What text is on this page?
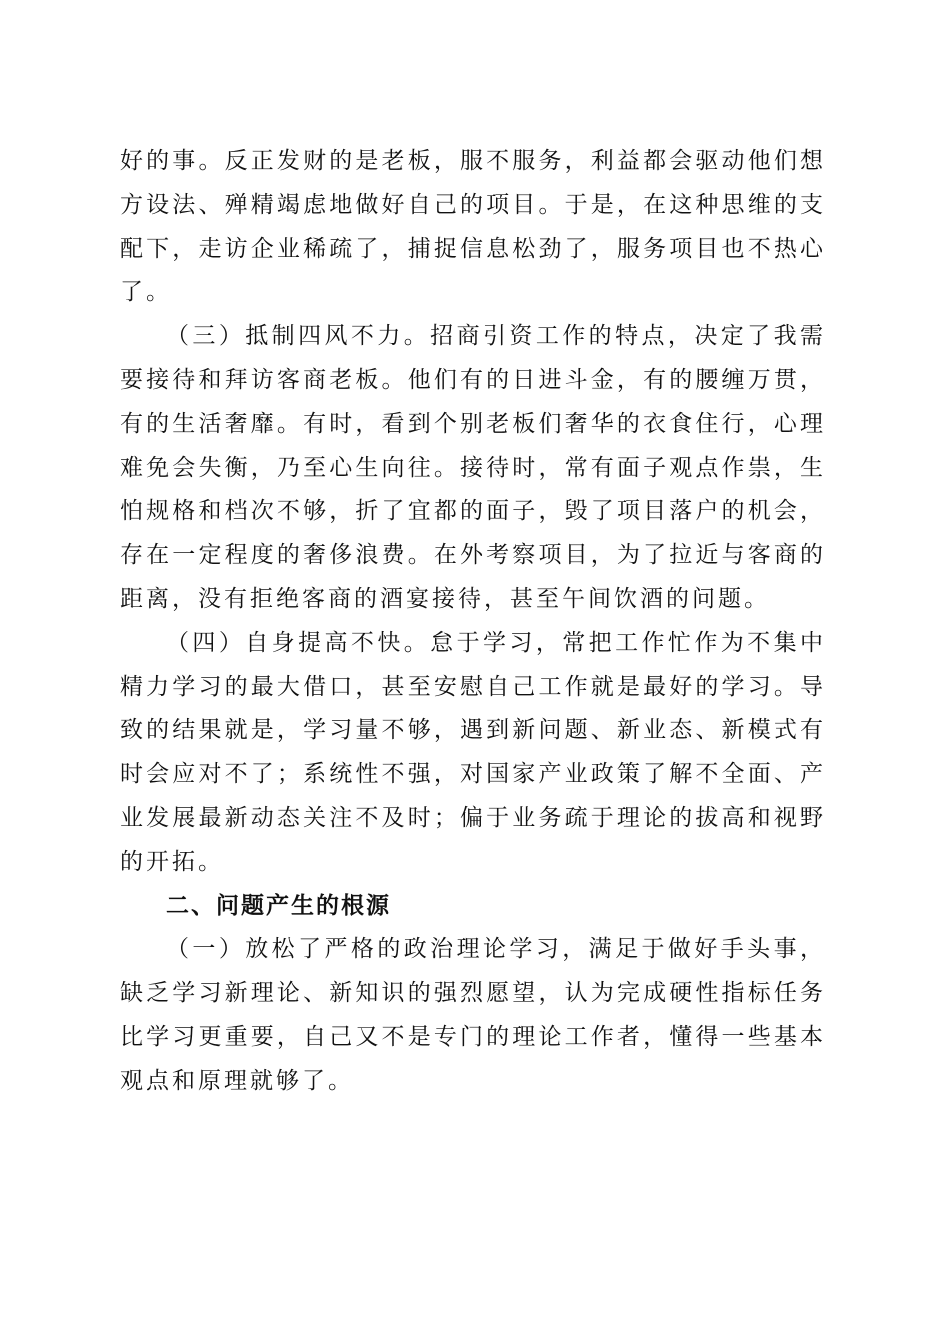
好的事。反正发财的是老板，服不服务，利益都会驱动他们想方设法、殚精竭虑地做好自己的项目。于是，在这种思维的支配下，走访企业稀疏了，捕捉信息松劲了，服务项目也不热心了。

（三）抵制四风不力。招商引资工作的特点，决定了我需要接待和拜访客商老板。他们有的日进斗金，有的腰缠万贯，有的生活奢靡。有时，看到个别老板们奢华的衣食住行，心理难免会失衡，乃至心生向往。接待时，常有面子观点作祟，生怕规格和档次不够，折了宜都的面子，毁了项目落户的机会，存在一定程度的奢侈浪费。在外考察项目，为了拉近与客商的距离，没有拒绝客商的酒宴接待，甚至午间饮酒的问题。

（四）自身提高不快。怠于学习，常把工作忙作为不集中精力学习的最大借口，甚至安慰自己工作就是最好的学习。导致的结果就是，学习量不够，遇到新问题、新业态、新模式有时会应对不了；系统性不强，对国家产业政策了解不全面、产业发展最新动态关注不及时；偏于业务疏于理论的拔高和视野的开拓。

二、问题产生的根源

（一）放松了严格的政治理论学习，满足于做好手头事，缺乏学习新理论、新知识的强烈愿望，认为完成硬性指标任务比学习更重要，自己又不是专门的理论工作者，懂得一些基本观点和原理就够了。
